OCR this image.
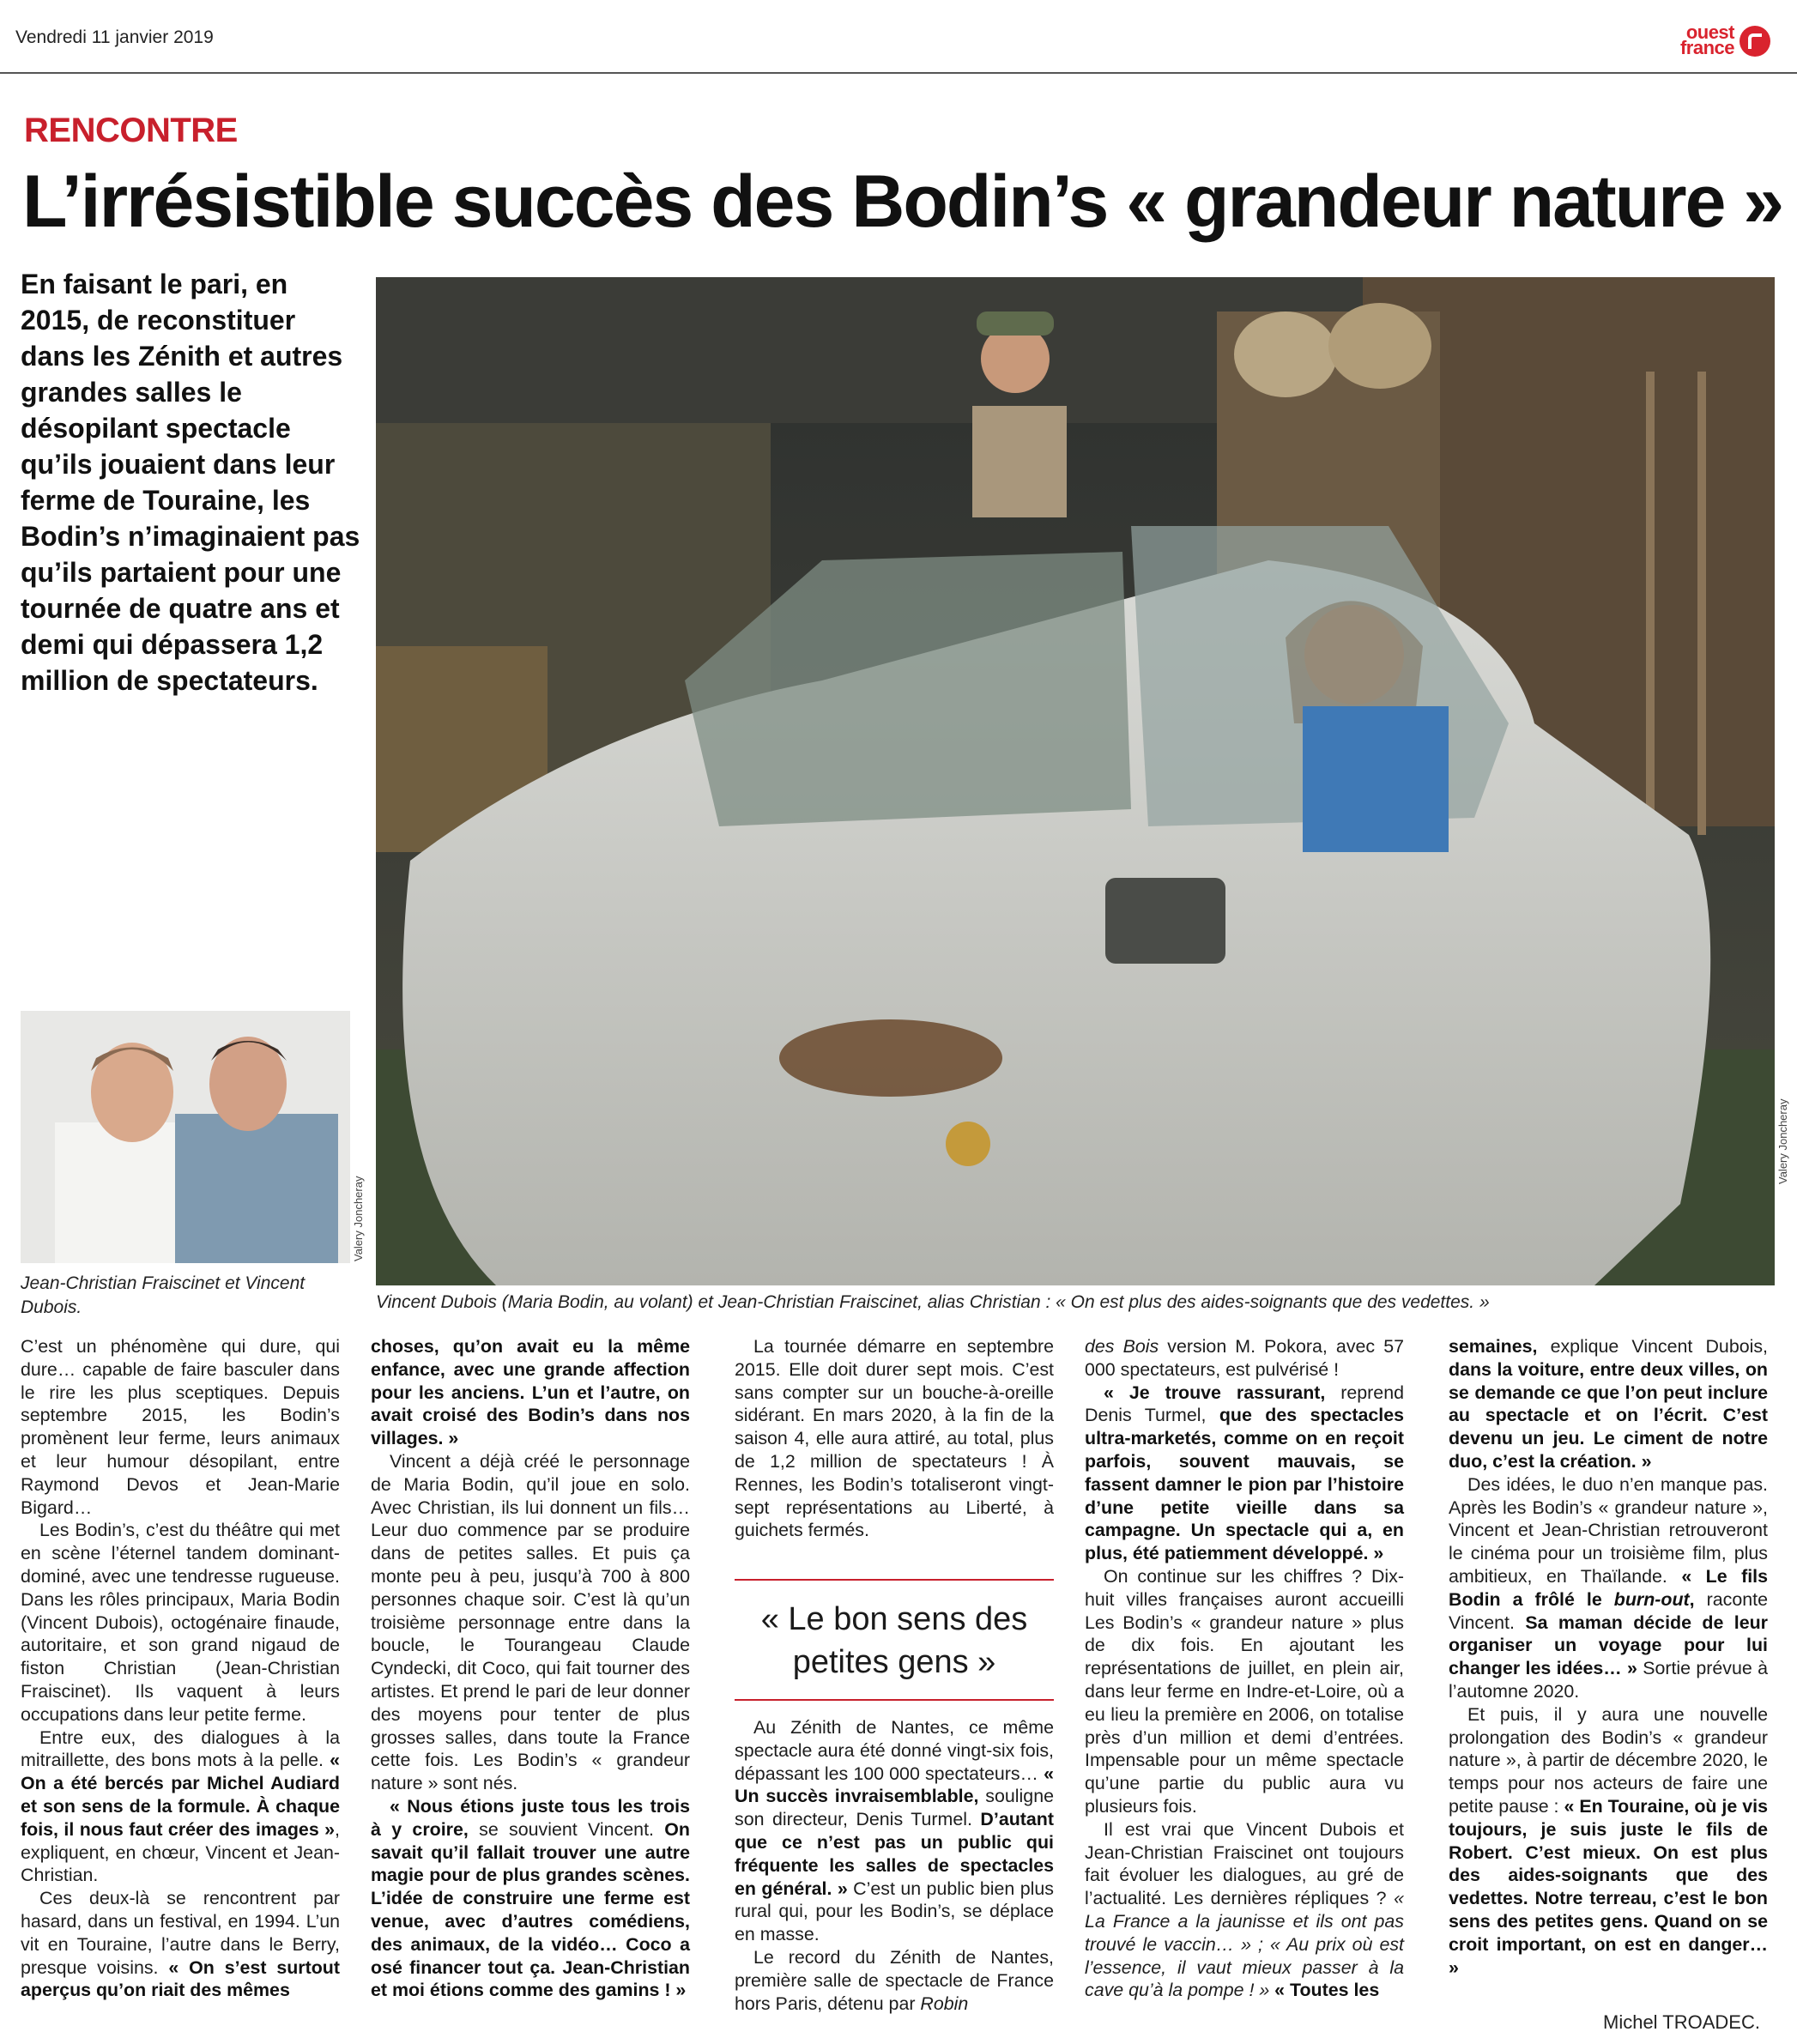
Vendredi 11 janvier 2019	ouest
france
RENCONTRE
L’irrésistible succès des Bodin’s « grandeur nature »
En faisant le pari, en 2015, de reconstituer dans les Zénith et autres grandes salles le désopilant spectacle qu’ils jouaient dans leur ferme de Touraine, les Bodin’s n’imaginaient pas qu’ils partaient pour une tournée de quatre ans et demi qui dépassera 1,2 million de spectateurs.
Valery Joncheray
Valery Joncheray
Jean-Christian Fraiscinet et Vincent Dubois.	Vincent Dubois (Maria Bodin, au volant) et Jean-Christian Fraiscinet, alias Christian : « On est plus des aides-soignants que des vedettes. »

C’est un phénomène qui dure, qui dure… capable de faire basculer dans le rire les plus sceptiques. Depuis septembre 2015, les Bodin’s promènent leur ferme, leurs animaux et leur humour désopilant, entre Raymond Devos et Jean-Marie Bigard…

Les Bodin’s, c’est du théâtre qui met en scène l’éternel tandem dominant-dominé, avec une tendresse rugueuse. Dans les rôles principaux, Maria Bodin (Vincent Dubois), octogénaire finaude, autoritaire, et son grand nigaud de fiston Christian (Jean-Christian Fraiscinet). Ils vaquent à leurs occupations dans leur petite ferme.

Entre eux, des dialogues à la mitraillette, des bons mots à la pelle. « On a été bercés par Michel Audiard et son sens de la formule. À chaque fois, il nous faut créer des images », expliquent, en chœur, Vincent et Jean-Christian.

Ces deux-là se rencontrent par hasard, dans un festival, en 1994. L’un vit en Touraine, l’autre dans le Berry, presque voisins. « On s’est surtout aperçus qu’on riait des mêmes

choses, qu’on avait eu la même enfance, avec une grande affection pour les anciens. L’un et l’autre, on avait croisé des Bodin’s dans nos villages. »

Vincent a déjà créé le personnage de Maria Bodin, qu’il joue en solo. Avec Christian, ils lui donnent un fils… Leur duo commence par se produire dans de petites salles. Et puis ça monte peu à peu, jusqu’à 700 à 800 personnes chaque soir. C’est là qu’un troisième personnage entre dans la boucle, le Tourangeau Claude Cyndecki, dit Coco, qui fait tourner des artistes. Et prend le pari de leur donner des moyens pour tenter de plus grosses salles, dans toute la France cette fois. Les Bodin’s « grandeur nature » sont nés.

« Nous étions juste tous les trois à y croire, se souvient Vincent. On savait qu’il fallait trouver une autre magie pour de plus grandes scènes. L’idée de construire une ferme est venue, avec d’autres comédiens, des animaux, de la vidéo… Coco a osé financer tout ça. Jean-Christian et moi étions comme des gamins ! »

La tournée démarre en septembre 2015. Elle doit durer sept mois. C’est sans compter sur un bouche-à-oreille sidérant. En mars 2020, à la fin de la saison 4, elle aura attiré, au total, plus de 1,2 million de spectateurs ! À Rennes, les Bodin’s totaliseront vingt-sept représentations au Liberté, à guichets fermés.

« Le bon sens des petites gens »

Au Zénith de Nantes, ce même spectacle aura été donné vingt-six fois, dépassant les 100 000 spectateurs… « Un succès invraisemblable, souligne son directeur, Denis Turmel. D’autant que ce n’est pas un public qui fréquente les salles de spectacles en général. » C’est un public bien plus rural qui, pour les Bodin’s, se déplace en masse.

Le record du Zénith de Nantes, première salle de spectacle de France hors Paris, détenu par Robin

des Bois version M. Pokora, avec 57 000 spectateurs, est pulvérisé !

« Je trouve rassurant, reprend Denis Turmel, que des spectacles ultra-marketés, comme on en reçoit parfois, souvent mauvais, se fassent damner le pion par l’histoire d’une petite vieille dans sa campagne. Un spectacle qui a, en plus, été patiemment développé. »

On continue sur les chiffres ? Dix-huit villes françaises auront accueilli Les Bodin’s « grandeur nature » plus de dix fois. En ajoutant les représentations de juillet, en plein air, dans leur ferme en Indre-et-Loire, où a eu lieu la première en 2006, on totalise près d’un million et demi d’entrées. Impensable pour un même spectacle qu’une partie du public aura vu plusieurs fois.

Il est vrai que Vincent Dubois et Jean-Christian Fraiscinet ont toujours fait évoluer les dialogues, au gré de l’actualité. Les dernières répliques ? « La France a la jaunisse et ils ont pas trouvé le vaccin… » ; « Au prix où est l’essence, il vaut mieux passer à la cave qu’à la pompe ! » « Toutes les

semaines, explique Vincent Dubois, dans la voiture, entre deux villes, on se demande ce que l’on peut inclure au spectacle et on l’écrit. C’est devenu un jeu. Le ciment de notre duo, c’est la création. »

Des idées, le duo n’en manque pas. Après les Bodin’s « grandeur nature », Vincent et Jean-Christian retrouveront le cinéma pour un troisième film, plus ambitieux, en Thaïlande. « Le fils Bodin a frôlé le burn-out, raconte Vincent. Sa maman décide de leur organiser un voyage pour lui changer les idées… » Sortie prévue à l’automne 2020.

Et puis, il y aura une nouvelle prolongation des Bodin’s « grandeur nature », à partir de décembre 2020, le temps pour nos acteurs de faire une petite pause : « En Touraine, où je vis toujours, je suis juste le fils de Robert. C’est mieux. On est plus des aides-soignants que des vedettes. Notre terreau, c’est le bon sens des petites gens. Quand on se croit important, on est en danger… »

Michel TROADEC.
